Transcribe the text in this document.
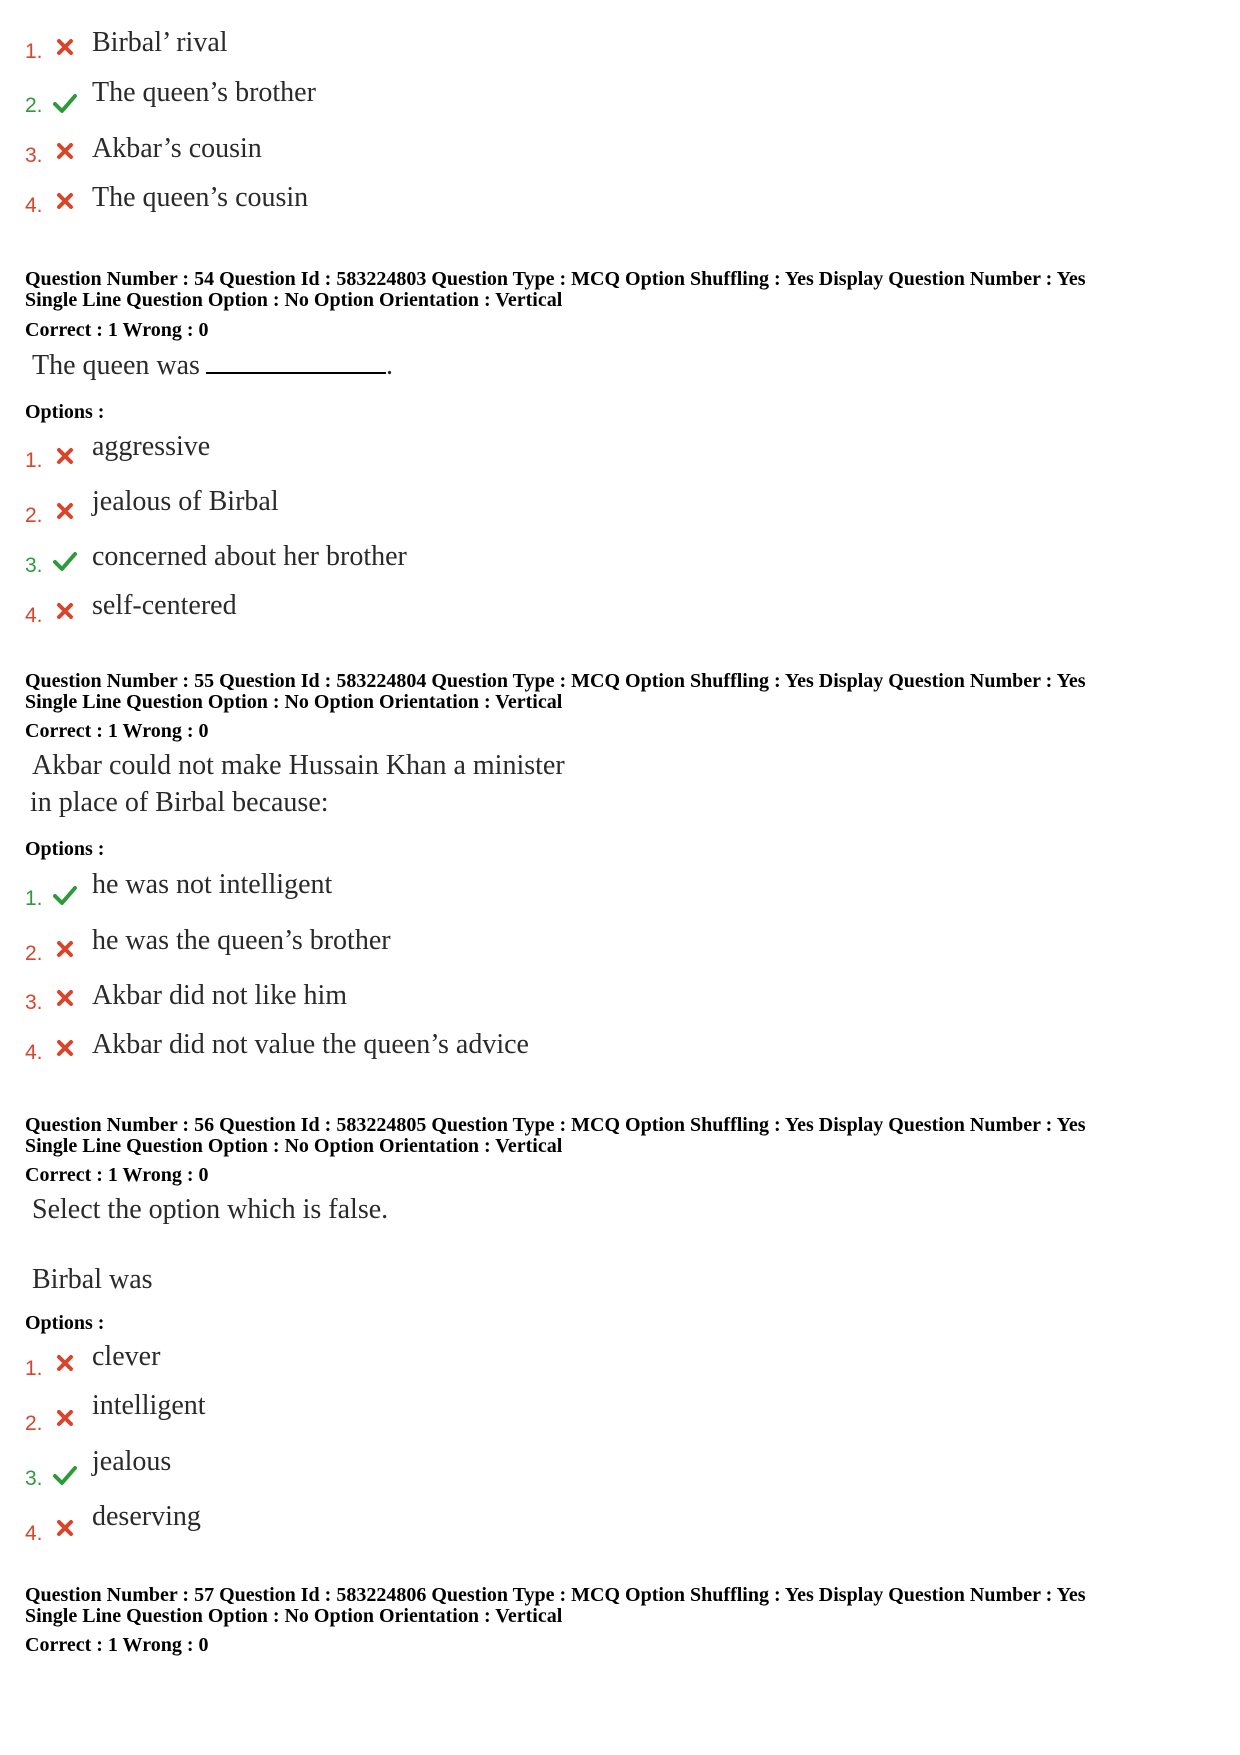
1. Birbal’ rival
2. The queen’s brother
3. Akbar’s cousin
4. The queen’s cousin
Question Number : 54 Question Id : 583224803 Question Type : MCQ Option Shuffling : Yes Display Question Number : Yes
Single Line Question Option : No Option Orientation : Vertical
Correct : 1 Wrong : 0
The queen was	.
Options :
1. aggressive
2. jealous of Birbal
3. concerned about her brother
4. self-centered
Question Number : 55 Question Id : 583224804 Question Type : MCQ Option Shuffling : Yes Display Question Number : Yes
Single Line Question Option : No Option Orientation : Vertical
Correct : 1 Wrong : 0
Akbar could not make Hussain Khan a minister
in place of Birbal because:
Options :
1. he was not intelligent
2. he was the queen’s brother
3. Akbar did not like him
4. Akbar did not value the queen’s advice
Question Number : 56 Question Id : 583224805 Question Type : MCQ Option Shuffling : Yes Display Question Number : Yes
Single Line Question Option : No Option Orientation : Vertical
Correct : 1 Wrong : 0
Select the option which is false.
Birbal was
Options :
1. clever
2.
intelligent
3.
jealous
4.
deserving
Question Number : 57 Question Id : 583224806 Question Type : MCQ Option Shuffling : Yes Display Question Number : Yes
Single Line Question Option : No Option Orientation : Vertical
Correct : 1 Wrong : 0
